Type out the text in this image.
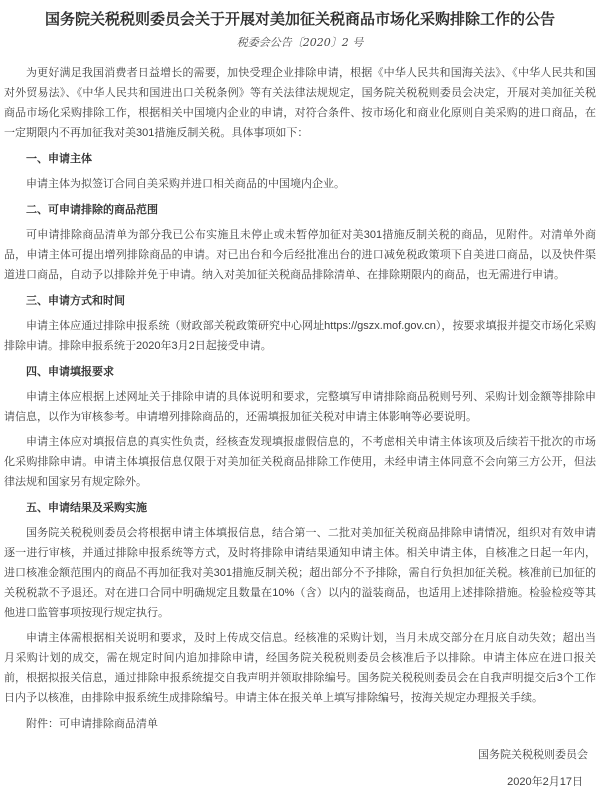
国务院关税税则委员会关于开展对美加征关税商品市场化采购排除工作的公告
税委会公告〔2020〕2 号

为更好满足我国消费者日益增长的需要，加快受理企业排除申请，根据《中华人民共和国海关法》、《中华人民共和国对外贸易法》、《中华人民共和国进出口关税条例》等有关法律法规规定，国务院关税税则委员会决定，开展对美加征关税商品市场化采购排除工作，根据相关中国境内企业的申请，对符合条件、按市场化和商业化原则自美采购的进口商品，在一定期限内不再加征我对美301措施反制关税。具体事项如下：

一、申请主体

申请主体为拟签订合同自美采购并进口相关商品的中国境内企业。

二、可申请排除的商品范围

可申请排除商品清单为部分我已公布实施且未停止或未暂停加征对美301措施反制关税的商品，见附件。对清单外商品，申请主体可提出增列排除商品的申请。对已出台和今后经批准出台的进口减免税政策项下自美进口商品，以及快件渠道进口商品，自动予以排除并免于申请。纳入对美加征关税商品排除清单、在排除期限内的商品，也无需进行申请。

三、申请方式和时间

申请主体应通过排除申报系统（财政部关税政策研究中心网址https://gszx.mof.gov.cn），按要求填报并提交市场化采购排除申请。排除申报系统于2020年3月2日起接受申请。

四、申请填报要求

申请主体应根据上述网址关于排除申请的具体说明和要求，完整填写申请排除商品税则号列、采购计划金额等排除申请信息，以作为审核参考。申请增列排除商品的，还需填报加征关税对申请主体影响等必要说明。

申请主体应对填报信息的真实性负责，经核查发现填报虚假信息的，不考虑相关申请主体该项及后续若干批次的市场化采购排除申请。申请主体填报信息仅限于对美加征关税商品排除工作使用，未经申请主体同意不会向第三方公开，但法律法规和国家另有规定除外。

五、申请结果及采购实施

国务院关税税则委员会将根据申请主体填报信息，结合第一、二批对美加征关税商品排除申请情况，组织对有效申请逐一进行审核，并通过排除申报系统等方式，及时将排除申请结果通知申请主体。相关申请主体，自核准之日起一年内，进口核准金额范围内的商品不再加征我对美301措施反制关税；超出部分不予排除，需自行负担加征关税。核准前已加征的关税税款不予退还。对在进口合同中明确规定且数量在10%（含）以内的溢装商品，也适用上述排除措施。检验检疫等其他进口监管事项按现行规定执行。

申请主体需根据相关说明和要求，及时上传成交信息。经核准的采购计划，当月未成交部分在月底自动失效；超出当月采购计划的成交，需在规定时间内追加排除申请，经国务院关税税则委员会核准后予以排除。申请主体应在进口报关前，根据拟报关信息，通过排除申报系统提交自我声明并领取排除编号。国务院关税税则委员会在自我声明提交后3个工作日内予以核准，由排除申报系统生成排除编号。申请主体在报关单上填写排除编号，按海关规定办理报关手续。

附件：可申请排除商品清单

国务院关税税则委员会
2020年2月17日
